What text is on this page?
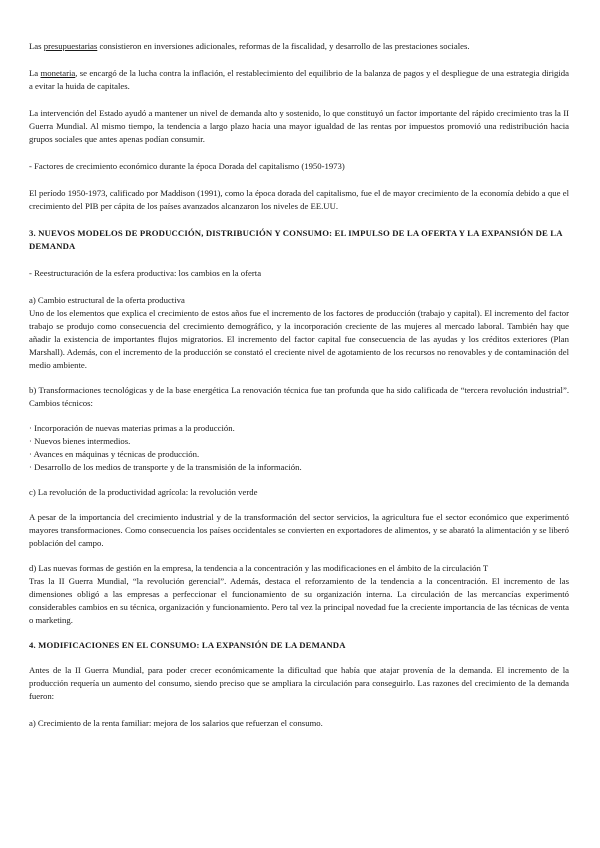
Las presupuestarias consistieron en inversiones adicionales, reformas de la fiscalidad, y desarrollo de las prestaciones sociales.

La monetaria, se encargó de la lucha contra la inflación, el restablecimiento del equilibrio de la balanza de pagos y el despliegue de una estrategia dirigida a evitar la huida de capitales.

La intervención del Estado ayudó a mantener un nivel de demanda alto y sostenido, lo que constituyó un factor importante del rápido crecimiento tras la II Guerra Mundial. Al mismo tiempo, la tendencia a largo plazo hacia una mayor igualdad de las rentas por impuestos promovió una redistribución hacia grupos sociales que antes apenas podían consumir.

- Factores de crecimiento económico durante la época Dorada del capitalismo (1950-1973)

El período 1950-1973, calificado por Maddison (1991), como la época dorada del capitalismo, fue el de mayor crecimiento de la economía debido a que el crecimiento del PIB per cápita de los países avanzados alcanzaron los niveles de EE.UU.

3. NUEVOS MODELOS DE PRODUCCIÓN, DISTRIBUCIÓN Y CONSUMO: EL IMPULSO DE LA OFERTA Y LA EXPANSIÓN DE LA DEMANDA

- Reestructuración de la esfera productiva: los cambios en la oferta

a) Cambio estructural de la oferta productiva

Uno de los elementos que explica el crecimiento de estos años fue el incremento de los factores de producción (trabajo y capital). El incremento del factor trabajo se produjo como consecuencia del crecimiento demográfico, y la incorporación creciente de las mujeres al mercado laboral. También hay que añadir la existencia de importantes flujos migratorios. El incremento del factor capital fue consecuencia de las ayudas y los créditos exteriores (Plan Marshall). Además, con el incremento de la producción se constató el creciente nivel de agotamiento de los recursos no renovables y de contaminación del medio ambiente.

b) Transformaciones tecnológicas y de la base energética La renovación técnica fue tan profunda que ha sido calificada de “tercera revolución industrial”. Cambios técnicos:

· Incorporación de nuevas materias primas a la producción.
· Nuevos bienes intermedios.
· Avances en máquinas y técnicas de producción.
· Desarrollo de los medios de transporte y de la transmisión de la información.

c) La revolución de la productividad agrícola: la revolución verde

A pesar de la importancia del crecimiento industrial y de la transformación del sector servicios, la agricultura fue el sector económico que experimentó mayores transformaciones. Como consecuencia los países occidentales se convierten en exportadores de alimentos, y se abarató la alimentación y se liberó población del campo.

d) Las nuevas formas de gestión en la empresa, la tendencia a la concentración y las modificaciones en el ámbito de la circulación T

Tras la II Guerra Mundial, “la revolución gerencial”. Además, destaca el reforzamiento de la tendencia a la concentración. El incremento de las dimensiones obligó a las empresas a perfeccionar el funcionamiento de su organización interna. La circulación de las mercancías experimentó considerables cambios en su técnica, organización y funcionamiento. Pero tal vez la principal novedad fue la creciente importancia de las técnicas de venta o marketing.

4. MODIFICACIONES EN EL CONSUMO: LA EXPANSIÓN DE LA DEMANDA

Antes de la II Guerra Mundial, para poder crecer económicamente la dificultad que había que atajar provenía de la demanda. El incremento de la producción requería un aumento del consumo, siendo preciso que se ampliara la circulación para conseguirlo. Las razones del crecimiento de la demanda fueron:

a) Crecimiento de la renta familiar: mejora de los salarios que refuerzan el consumo.
